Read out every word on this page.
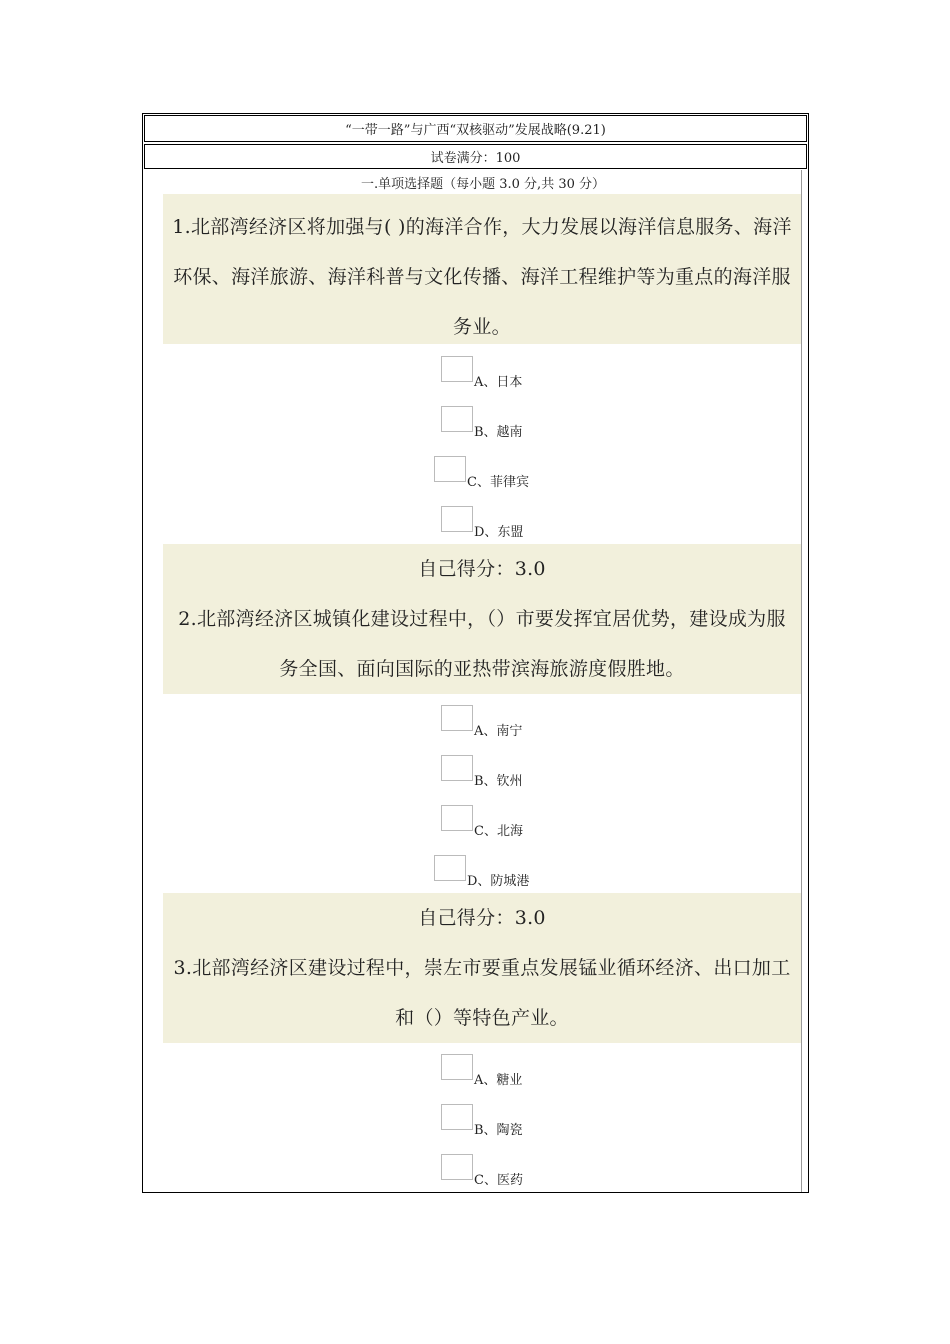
“一带一路”与广西“双核驱动”发展战略(9.21)
试卷满分：100
一.单项选择题（每小题 3.0 分,共 30 分）
1.北部湾经济区将加强与( )的海洋合作，大力发展以海洋信息服务、海洋环保、海洋旅游、海洋科普与文化传播、海洋工程维护等为重点的海洋服务业。
A、日本
B、越南
C、菲律宾
D、东盟
自己得分：3.0
2.北部湾经济区城镇化建设过程中，（）市要发挥宜居优势，建设成为服务全国、面向国际的亚热带滨海旅游度假胜地。
A、南宁
B、钦州
C、北海
D、防城港
自己得分：3.0
3.北部湾经济区建设过程中，崇左市要重点发展锰业循环经济、出口加工和（）等特色产业。
A、糖业
B、陶瓷
C、医药
